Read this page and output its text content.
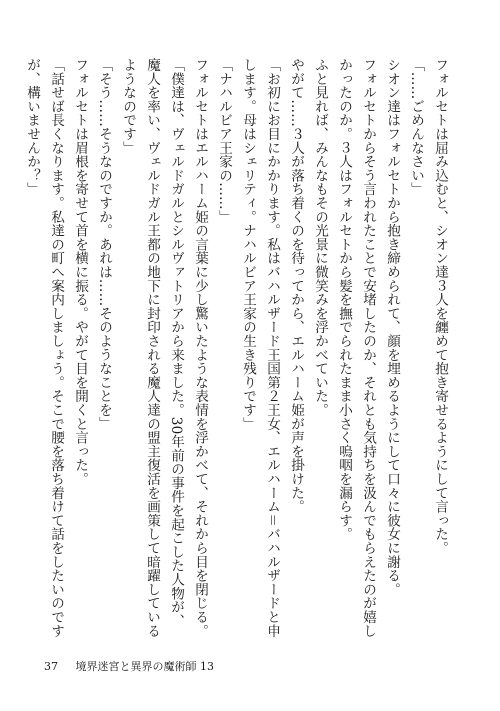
フォルセトは屈み込むと、シオン達３人を纏めて抱き寄せるようにして言った。

「……ごめんなさい」

シオン達はフォルセトから抱き締められて、顔を埋めるようにして口々に彼女に謝る。

フォルセトからそう言われたことで安堵したのか、それとも気持ちを汲んでもらえたのが嬉しかったのか。３人はフォルセトから髪を撫でられたまま小さく嗚咽を漏らす。

ふと見れば、みんなもその光景に微笑みを浮かべていた。

やがて……３人が落ち着くのを待ってから、エルハーム姫が声を掛けた。

「お初にお目にかかります。私はバハルザード王国第２王女、エルハーム＝バハルザードと申します。母はシェリティ。ナハルビア王家の生き残りです」

「ナハルビア王家の……」

フォルセトはエルハーム姫の言葉に少し驚いたような表情を浮かべて、それから目を閉じる。

「僕達は、ヴェルドガルとシルヴァトリアから来ました。30年前の事件を起こした人物が、魔人を率い、ヴェルドガル王都の地下に封印される魔人達の盟主復活を画策して暗躍しているようなのです」

「そう……そうなのですか。あれは……そのようなことを」

フォルセトは眉根を寄せて首を横に振る。やがて目を開くと言った。

「話せば長くなります。私達の町へ案内しましょう。そこで腰を落ち着けて話をしたいのですが、構いませんか？」

37 境界迷宮と異界の魔術師 13
